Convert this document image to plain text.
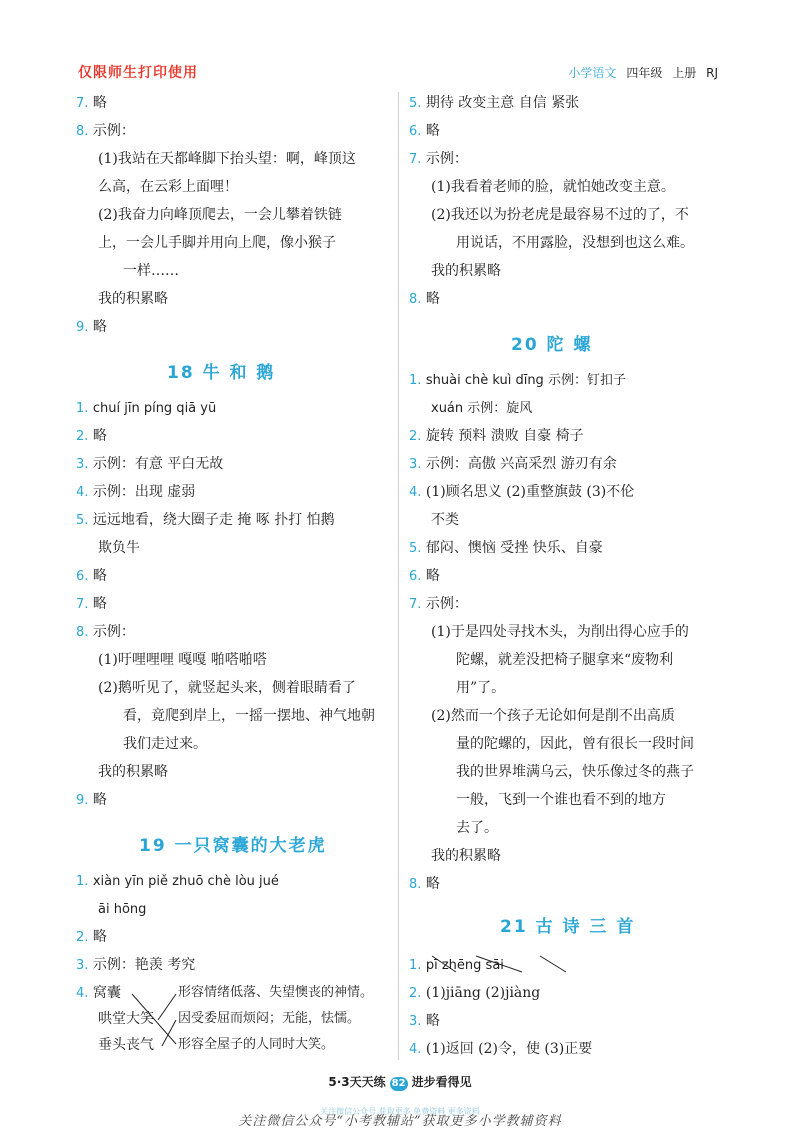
仅限师生打印使用	小学语文 四年级 上册 RJ
7. 略
8. 示例：
(1)我站在天都峰脚下抬头望：啊，峰顶这
么高，在云彩上面哩！
(2)我奋力向峰顶爬去，一会儿攀着铁链
上，一会儿手脚并用向上爬，像小猴子
一样……
我的积累略
9. 略
18 牛 和 鹅
1. chuí jīn píng qiā yū
2. 略
3. 示例：有意 平白无故
4. 示例：出现 虚弱
5. 远远地看，绕大圈子走 掩 啄 扑打 怕鹅
欺负牛
6. 略
7. 略
8. 示例：
(1)吁哩哩哩 嘎嘎 啪嗒啪嗒
(2)鹅听见了，就竖起头来，侧着眼睛看了
看，竟爬到岸上，一摇一摆地、神气地朝
我们走过来。
我的积累略
9. 略
19 一只窝囊的大老虎
1. xiàn yīn piě zhuō chè lòu jué
āi hōng
2. 略
3. 示例：艳羡 考究
4. 窝囊
哄堂大笑
垂头丧气
形容情绪低落、失望懊丧的神情。
因受委屈而烦闷；无能，怯懦。
形容全屋子的人同时大笑。
5. 期待 改变主意 自信 紧张
6. 略
7. 示例：
(1)我看着老师的脸，就怕她改变主意。
(2)我还以为扮老虎是最容易不过的了，不
用说话，不用露脸，没想到也这么难。
我的积累略
8. 略
20 陀 螺
1. shuài chè kuì dīng 示例：钉扣子
xuán 示例：旋风
2. 旋转 预料 溃败 自豪 椅子
3. 示例：高傲 兴高采烈 游刃有余
4. (1)顾名思义 (2)重整旗鼓 (3)不伦
不类
5. 郁闷、懊恼 受挫 快乐、自豪
6. 略
7. 示例：
(1)于是四处寻找木头，为削出得心应手的
陀螺，就差没把椅子腿拿来“废物利
用”了。
(2)然而一个孩子无论如何是削不出高质
量的陀螺的，因此，曾有很长一段时间
我的世界堆满乌云，快乐像过冬的燕子
一般，飞到一个谁也看不到的地方
去了。
我的积累略
8. 略
21 古 诗 三 首
1. pī zhēng sāi
2. (1)jiāng (2)jiàng
3. 略
4. (1)返回 (2)令，使 (3)正要
5·3天天练 82 进步看得见
关注微信公众号 获取更多 免费资料 更多资料
关注微信公众号“小考教辅站”获取更多小学教辅资料
